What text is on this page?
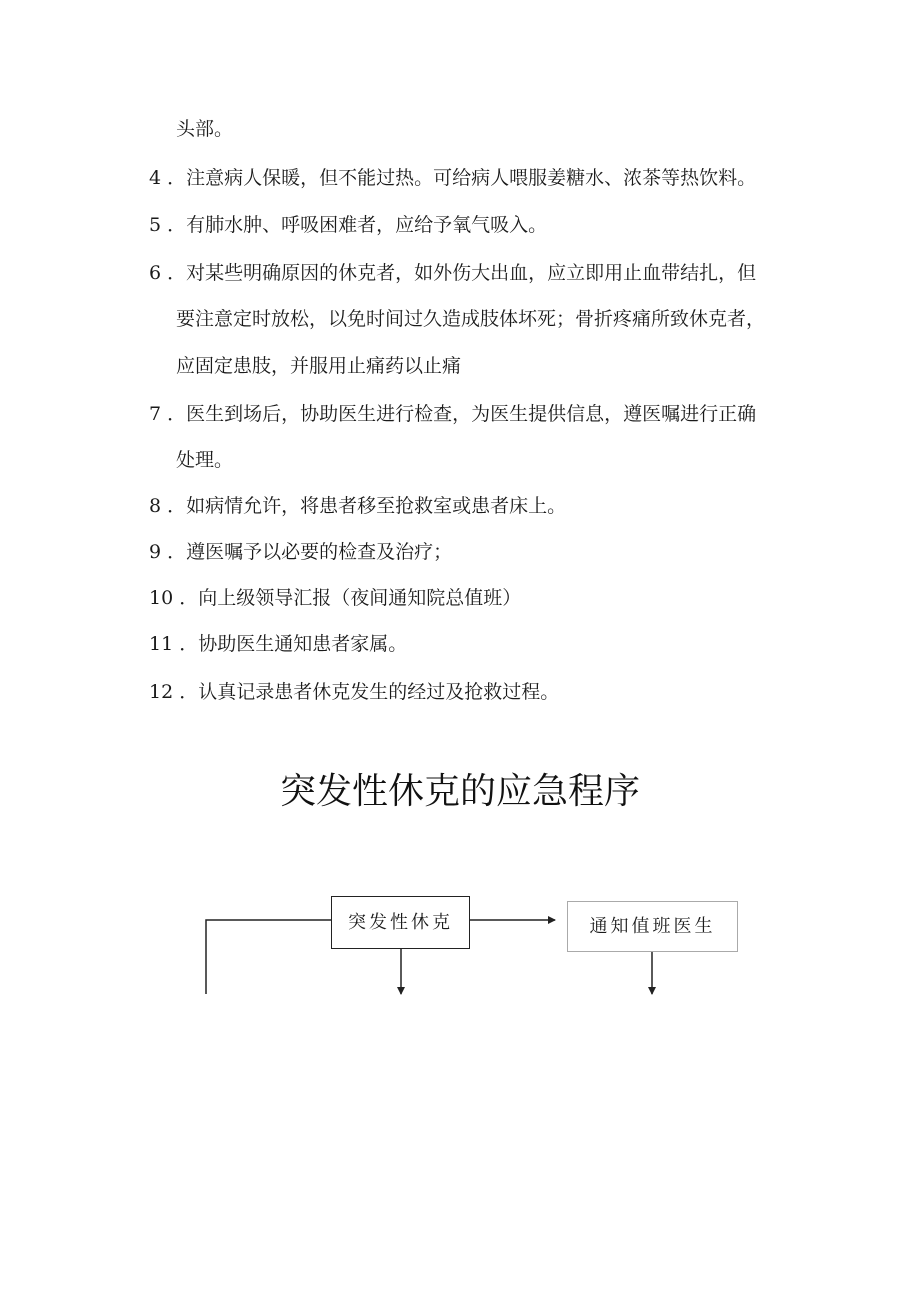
头部。
4 ．注意病人保暖，但不能过热。可给病人喂服姜糖水、浓茶等热饮料。
5 ．有肺水肿、呼吸困难者，应给予氧气吸入。
6 ．对某些明确原因的休克者，如外伤大出血，应立即用止血带结扎，但
要注意定时放松，以免时间过久造成肢体坏死；骨折疼痛所致休克者，
应固定患肢，并服用止痛药以止痛
7 ．医生到场后，协助医生进行检查，为医生提供信息，遵医嘱进行正确
处理。
8 ．如病情允许，将患者移至抢救室或患者床上。
9 ．遵医嘱予以必要的检查及治疗；
10 ．向上级领导汇报（夜间通知院总值班）
11 ．协助医生通知患者家属。
12 ．认真记录患者休克发生的经过及抢救过程。
突发性休克的应急程序
突发性休克	通知值班医生
